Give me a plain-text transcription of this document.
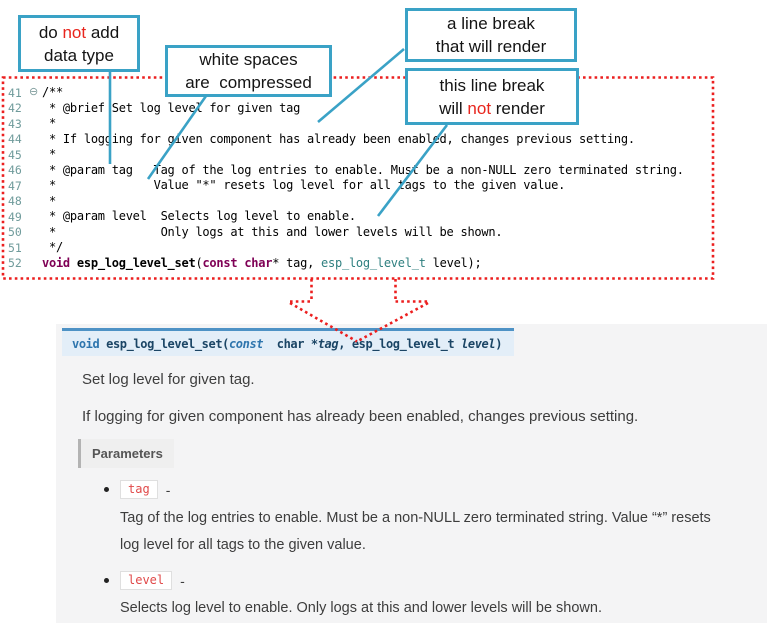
do not add
data type	white spaces
are  compressed
a line break
that will render
this line break
will not render
41 ⊖ /**
42	* @brief Set log level for given tag
43	*
44	* If logging for given component has already been enabled, changes previous setting.
45	*
46	* @param tag   Tag of the log entries to enable. Must be a non-NULL zero terminated string.
47	*              Value "*" resets log level for all tags to the given value.
48	*
49	* @param level  Selects log level to enable.
50	*               Only logs at this and lower levels will be shown.
51	*/
52	void esp_log_level_set(const char* tag, esp_log_level_t level);
void esp_log_level_set ( const char * tag , esp_log_level_t level )

Set log level for given tag.

If logging for given component has already been enabled, changes previous setting.

Parameters
tag	-

Tag of the log entries to enable. Must be a non-NULL zero terminated string. Value “*” resets log level for all tags to the given value.

level	-

Selects log level to enable. Only logs at this and lower levels will be shown.
